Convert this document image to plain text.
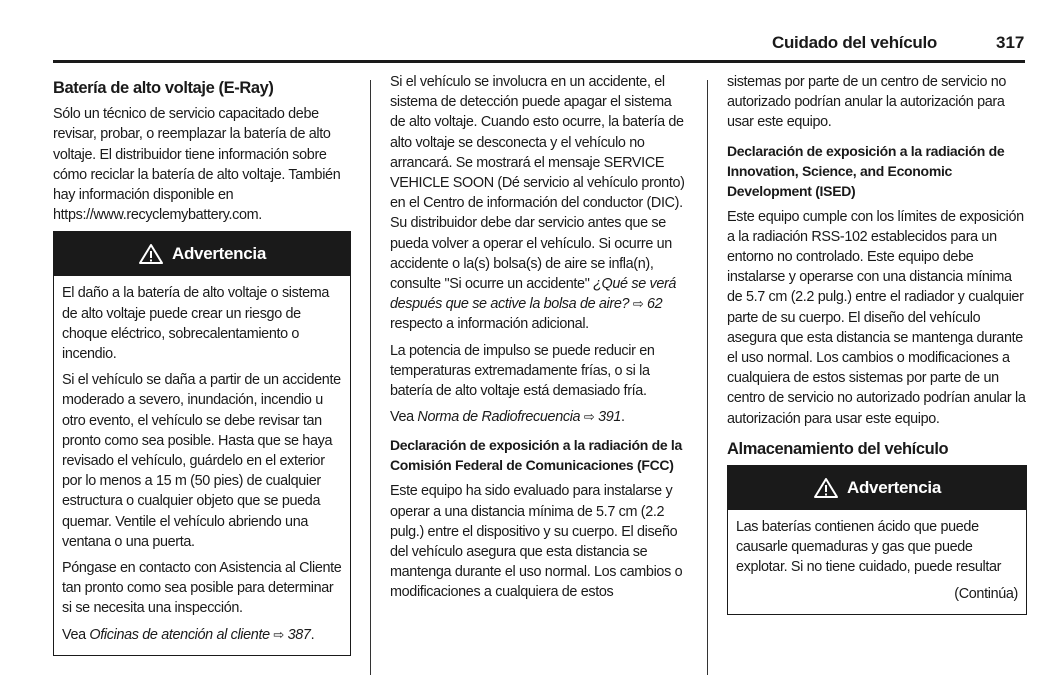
Cuidado del vehículo	317

Batería de alto voltaje (E-Ray)

Sólo un técnico de servicio capacitado debe revisar, probar, o reemplazar la batería de alto voltaje. El distribuidor tiene información sobre cómo reciclar la batería de alto voltaje. También hay información disponible en https://www.recyclemybattery.com.

Advertencia

El daño a la batería de alto voltaje o sistema de alto voltaje puede crear un riesgo de choque eléctrico, sobrecalentamiento o incendio.

Si el vehículo se daña a partir de un accidente moderado a severo, inundación, incendio u otro evento, el vehículo se debe revisar tan pronto como sea posible. Hasta que se haya revisado el vehículo, guárdelo en el exterior por lo menos a 15 m (50 pies) de cualquier estructura o cualquier objeto que se pueda quemar. Ventile el vehículo abriendo una ventana o una puerta.

Póngase en contacto con Asistencia al Cliente tan pronto como sea posible para determinar si se necesita una inspección.

Vea Oficinas de atención al cliente ⇨ 387.

Si el vehículo se involucra en un accidente, el sistema de detección puede apagar el sistema de alto voltaje. Cuando esto ocurre, la batería de alto voltaje se desconecta y el vehículo no arrancará. Se mostrará el mensaje SERVICE VEHICLE SOON (Dé servicio al vehículo pronto) en el Centro de información del conductor (DIC). Su distribuidor debe dar servicio antes que se pueda volver a operar el vehículo. Si ocurre un accidente o la(s) bolsa(s) de aire se infla(n), consulte "Si ocurre un accidente" ¿Qué se verá después que se active la bolsa de aire? ⇨ 62 respecto a información adicional.

La potencia de impulso se puede reducir en temperaturas extremadamente frías, o si la batería de alto voltaje está demasiado fría.

Vea Norma de Radiofrecuencia ⇨ 391.

Declaración de exposición a la radiación de la Comisión Federal de Comunicaciones (FCC)

Este equipo ha sido evaluado para instalarse y operar a una distancia mínima de 5.7 cm (2.2 pulg.) entre el dispositivo y su cuerpo. El diseño del vehículo asegura que esta distancia se mantenga durante el uso normal. Los cambios o modificaciones a cualquiera de estos

sistemas por parte de un centro de servicio no autorizado podrían anular la autorización para usar este equipo.

Declaración de exposición a la radiación de Innovation, Science, and Economic Development (ISED)

Este equipo cumple con los límites de exposición a la radiación RSS-102 establecidos para un entorno no controlado. Este equipo debe instalarse y operarse con una distancia mínima de 5.7 cm (2.2 pulg.) entre el radiador y cualquier parte de su cuerpo. El diseño del vehículo asegura que esta distancia se mantenga durante el uso normal. Los cambios o modificaciones a cualquiera de estos sistemas por parte de un centro de servicio no autorizado podrían anular la autorización para usar este equipo.

Almacenamiento del vehículo

Advertencia

Las baterías contienen ácido que puede causarle quemaduras y gas que puede explotar. Si no tiene cuidado, puede resultar

(Continúa)
